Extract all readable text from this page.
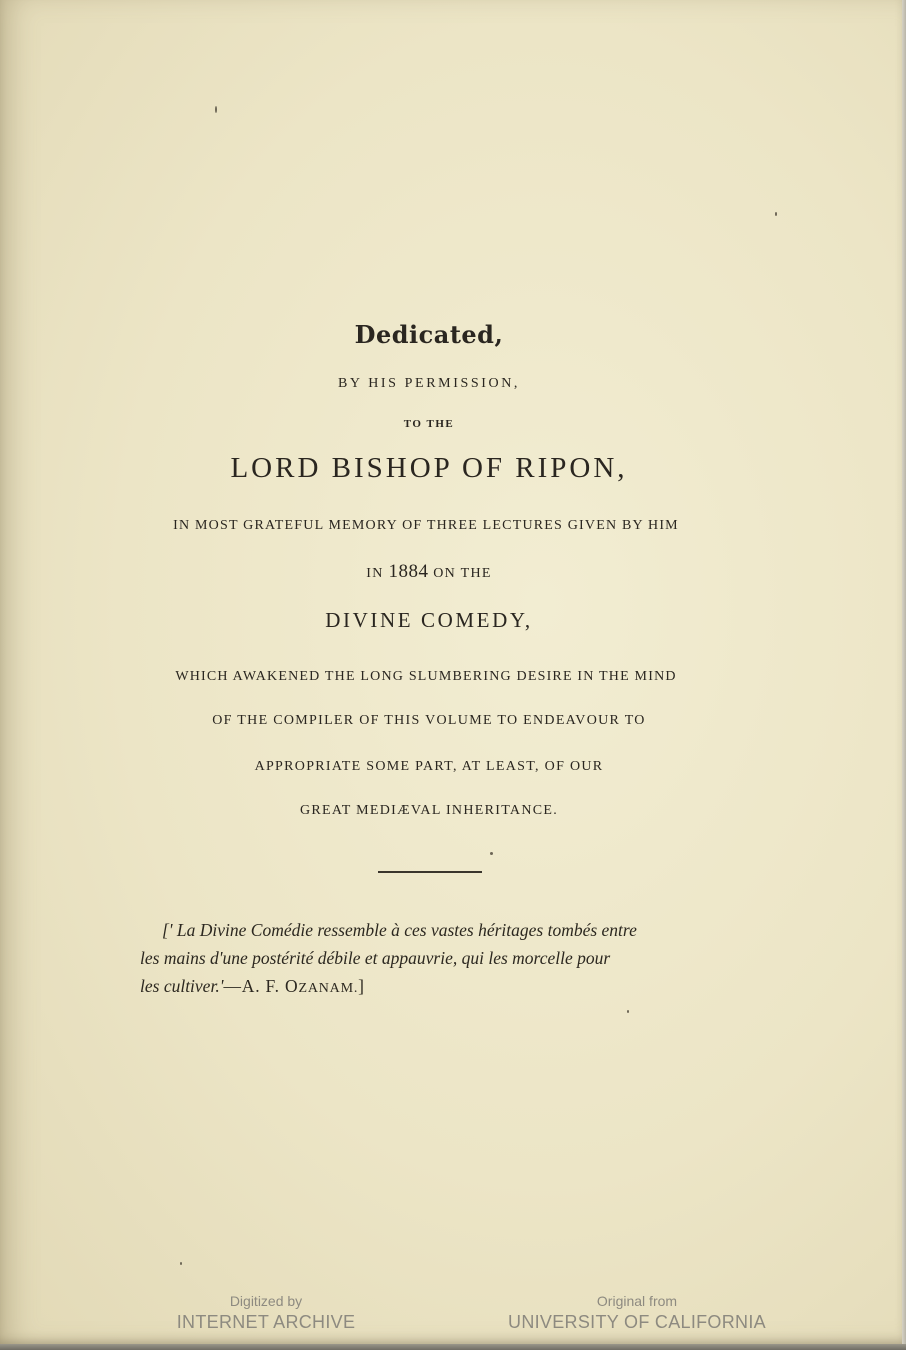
Dedicated,
BY HIS PERMISSION,
TO THE
LORD BISHOP OF RIPON,
IN MOST GRATEFUL MEMORY OF THREE LECTURES GIVEN BY HIM
IN 1884 ON THE
DIVINE COMEDY,
WHICH AWAKENED THE LONG SLUMBERING DESIRE IN THE MIND
OF THE COMPILER OF THIS VOLUME TO ENDEAVOUR TO
APPROPRIATE SOME PART, AT LEAST, OF OUR
GREAT MEDIÆVAL INHERITANCE.
[' La Divine Comédie ressemble à ces vastes héritages tombés entre
les mains d'une postérité débile et appauvrie, qui les morcelle pour
les cultiver.'—A. F. OZANAM.]
Digitized by
INTERNET ARCHIVE
Original from
UNIVERSITY OF CALIFORNIA
